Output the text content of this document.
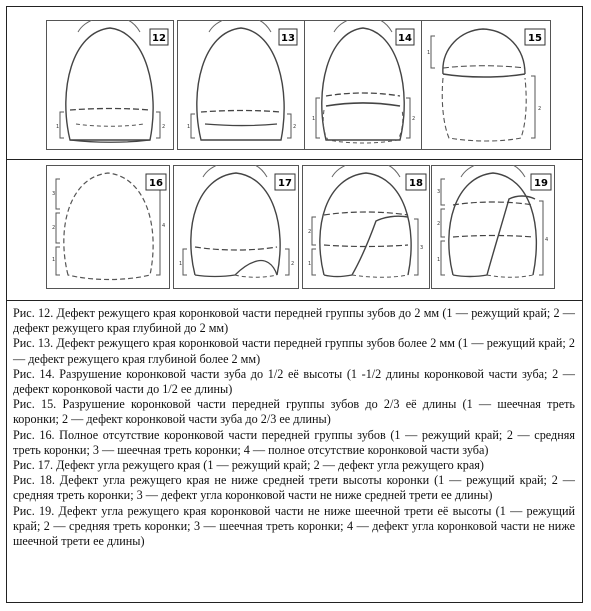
1	2
12
1	2
13
1	2
14
1
2
15
1
2
3
4
16
1	2
17
1
2
3
18
1
2
3
4
19

Рис. 12. Дефект режущего края коронковой части передней группы зубов до 2 мм (1 — режущий край; 2 — дефект режущего края глубиной до 2 мм)

Рис. 13. Дефект режущего края коронковой части передней группы зубов более 2 мм (1 — режущий край; 2 — дефект режущего края глубиной более 2 мм)

Рис. 14. Разрушение коронковой части зуба до 1/2 её высоты (1 -1/2 длины коронковой части зуба; 2 — дефект коронковой части до 1/2 ее длины)

Рис. 15. Разрушение коронковой части передней группы зубов до 2/3 её длины (1 — шеечная треть коронки; 2 — дефект коронковой части зуба до 2/3 ее длины)

Рис. 16. Полное отсутствие коронковой части передней группы зубов (1 — режущий край; 2 — средняя треть коронки; 3 — шеечная треть коронки; 4 — полное отсутствие коронковой части зуба)

Рис. 17. Дефект угла режущего края (1 — режущий край; 2 — дефект угла режущего края)

Рис. 18. Дефект угла режущего края не ниже средней трети высоты коронки (1 — режущий край; 2 — средняя треть коронки; 3 — дефект угла коронковой части не ниже средней трети ее длины)

Рис. 19. Дефект угла режущего края коронковой части не ниже шеечной трети её высоты (1 — режущий край; 2 — средняя треть коронки; 3 — шеечная треть коронки; 4 — дефект угла коронковой части не ниже шеечной трети ее длины)
